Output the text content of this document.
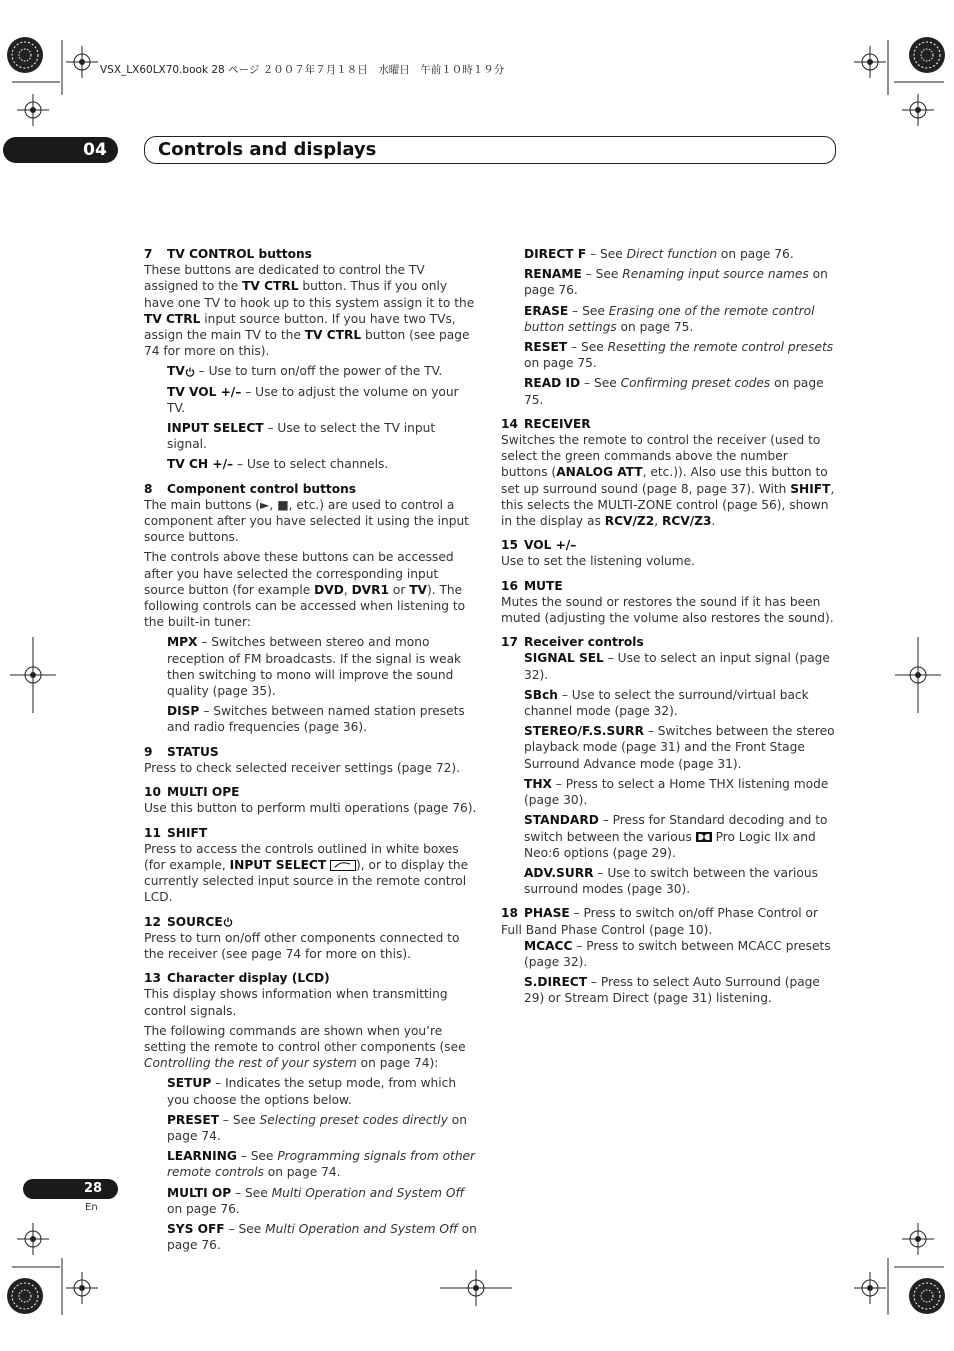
VSX_LX60LX70.book 28 ページ ２００７年７月１８日　水曜日　午前１０時１９分
04	Controls and displays

7 TV CONTROL buttons

These buttons are dedicated to control the TV assigned to the TV CTRL button. Thus if you only have one TV to hook up to this system assign it to the TV CTRL input source button. If you have two TVs, assign the main TV to the TV CTRL button (see page 74 for more on this).

TV – Use to turn on/off the power of the TV.

TV VOL +/– – Use to adjust the volume on your TV.

INPUT SELECT – Use to select the TV input signal.

TV CH +/– – Use to select channels.

8 Component control buttons

The main buttons (►, ■, etc.) are used to control a component after you have selected it using the input source buttons.

The controls above these buttons can be accessed after you have selected the corresponding input source button (for example DVD, DVR1 or TV). The following controls can be accessed when listening to the built-in tuner:

MPX – Switches between stereo and mono reception of FM broadcasts. If the signal is weak then switching to mono will improve the sound quality (page 35).

DISP – Switches between named station presets and radio frequencies (page 36).

9 STATUS

Press to check selected receiver settings (page 72).

10 MULTI OPE

Use this button to perform multi operations (page 76).

11 SHIFT

Press to access the controls outlined in white boxes (for example, INPUT SELECT ), or to display the currently selected input source in the remote control LCD.

12 SOURCE

Press to turn on/off other components connected to the receiver (see page 74 for more on this).

13 Character display (LCD)

This display shows information when transmitting control signals.

The following commands are shown when you’re setting the remote to control other components (see Controlling the rest of your system on page 74):

SETUP – Indicates the setup mode, from which you choose the options below.

PRESET – See Selecting preset codes directly on page 74.

LEARNING – See Programming signals from other remote controls on page 74.

MULTI OP – See Multi Operation and System Off on page 76.

SYS OFF – See Multi Operation and System Off on page 76.

DIRECT F – See Direct function on page 76.

RENAME – See Renaming input source names on page 76.

ERASE – See Erasing one of the remote control button settings on page 75.

RESET – See Resetting the remote control presets on page 75.

READ ID – See Confirming preset codes on page 75.

14 RECEIVER

Switches the remote to control the receiver (used to select the green commands above the number buttons (ANALOG ATT, etc.)). Also use this button to set up surround sound (page 8, page 37). With SHIFT, this selects the MULTI-ZONE control (page 56), shown in the display as RCV/Z2, RCV/Z3.

15 VOL +/–

Use to set the listening volume.

16 MUTE

Mutes the sound or restores the sound if it has been muted (adjusting the volume also restores the sound).

17 Receiver controls

SIGNAL SEL – Use to select an input signal (page 32).

SBch – Use to select the surround/virtual back channel mode (page 32).

STEREO/F.S.SURR – Switches between the stereo playback mode (page 31) and the Front Stage Surround Advance mode (page 31).

THX – Press to select a Home THX listening mode (page 30).

STANDARD – Press for Standard decoding and to switch between the various  Pro Logic IIx and Neo:6 options (page 29).

ADV.SURR – Use to switch between the various surround modes (page 30).

18 PHASE – Press to switch on/off Phase Control or Full Band Phase Control (page 10).

MCACC – Press to switch between MCACC presets (page 32).

S.DIRECT – Press to select Auto Surround (page 29) or Stream Direct (page 31) listening.

28
En
